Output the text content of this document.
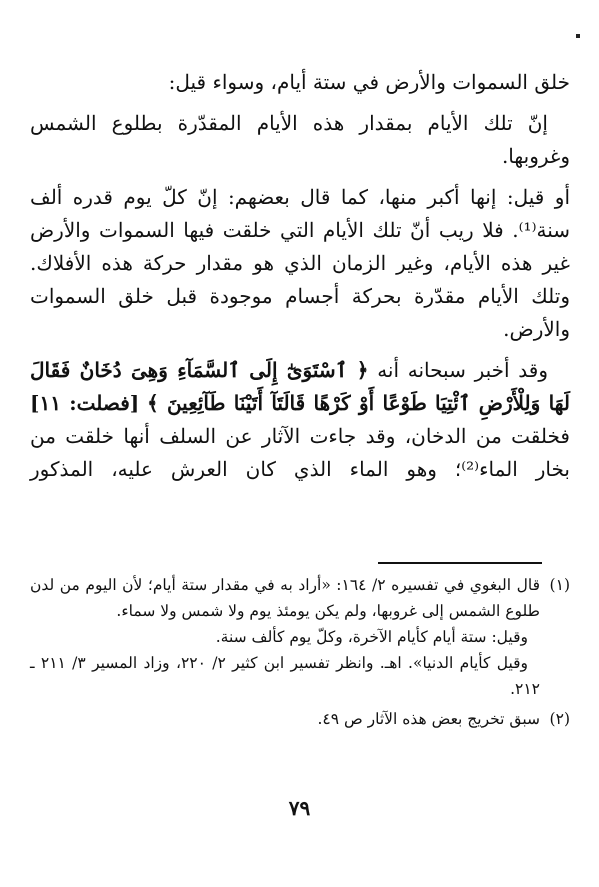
خلق السموات والأرض في ستة أيام، وسواء قيل:

إنّ تلك الأيام بمقدار هذه الأيام المقدّرة بطلوع الشمس وغروبها.

أو قيل: إنها أكبر منها، كما قال بعضهم: إنّ كلّ يوم قدره ألف سنة⁽¹⁾. فلا ريب أنّ تلك الأيام التي خلقت فيها السموات والأرض غير هذه الأيام، وغير الزمان الذي هو مقدار حركة هذه الأفلاك. وتلك الأيام مقدّرة بحركة أجسام موجودة قبل خلق السموات والأرض.

وقد أخبر سبحانه أنه ﴿ ٱسْتَوَىٰٓ إِلَى ٱلسَّمَآءِ وَهِىَ دُخَانٌ فَقَالَ لَهَا وَلِلْأَرْضِ ٱئْتِيَا طَوْعًا أَوْ كَرْهًا قَالَتَآ أَتَيْنَا طَآئِعِينَ ﴾ [فصلت: ١١] فخلقت من الدخان، وقد جاءت الآثار عن السلف أنها خلقت من بخار الماء⁽²⁾؛ وهو الماء الذي كان العرش عليه، المذكور

(١)

قال البغوي في تفسيره ٢/ ١٦٤: «أراد به في مقدار ستة أيام؛ لأن اليوم من لدن طلوع الشمس إلى غروبها، ولم يكن يومئذ يوم ولا شمس ولا سماء.

وقيل: ستة أيام كأيام الآخرة، وكلّ يوم كألف سنة.

وقيل كأيام الدنيا». اهـ. وانظر تفسير ابن كثير ٢/ ٢٢٠، وزاد المسير ٣/ ٢١١ ـ ٢١٢.

(٢)

سبق تخريج بعض هذه الآثار ص ٤٩.

٧٩
